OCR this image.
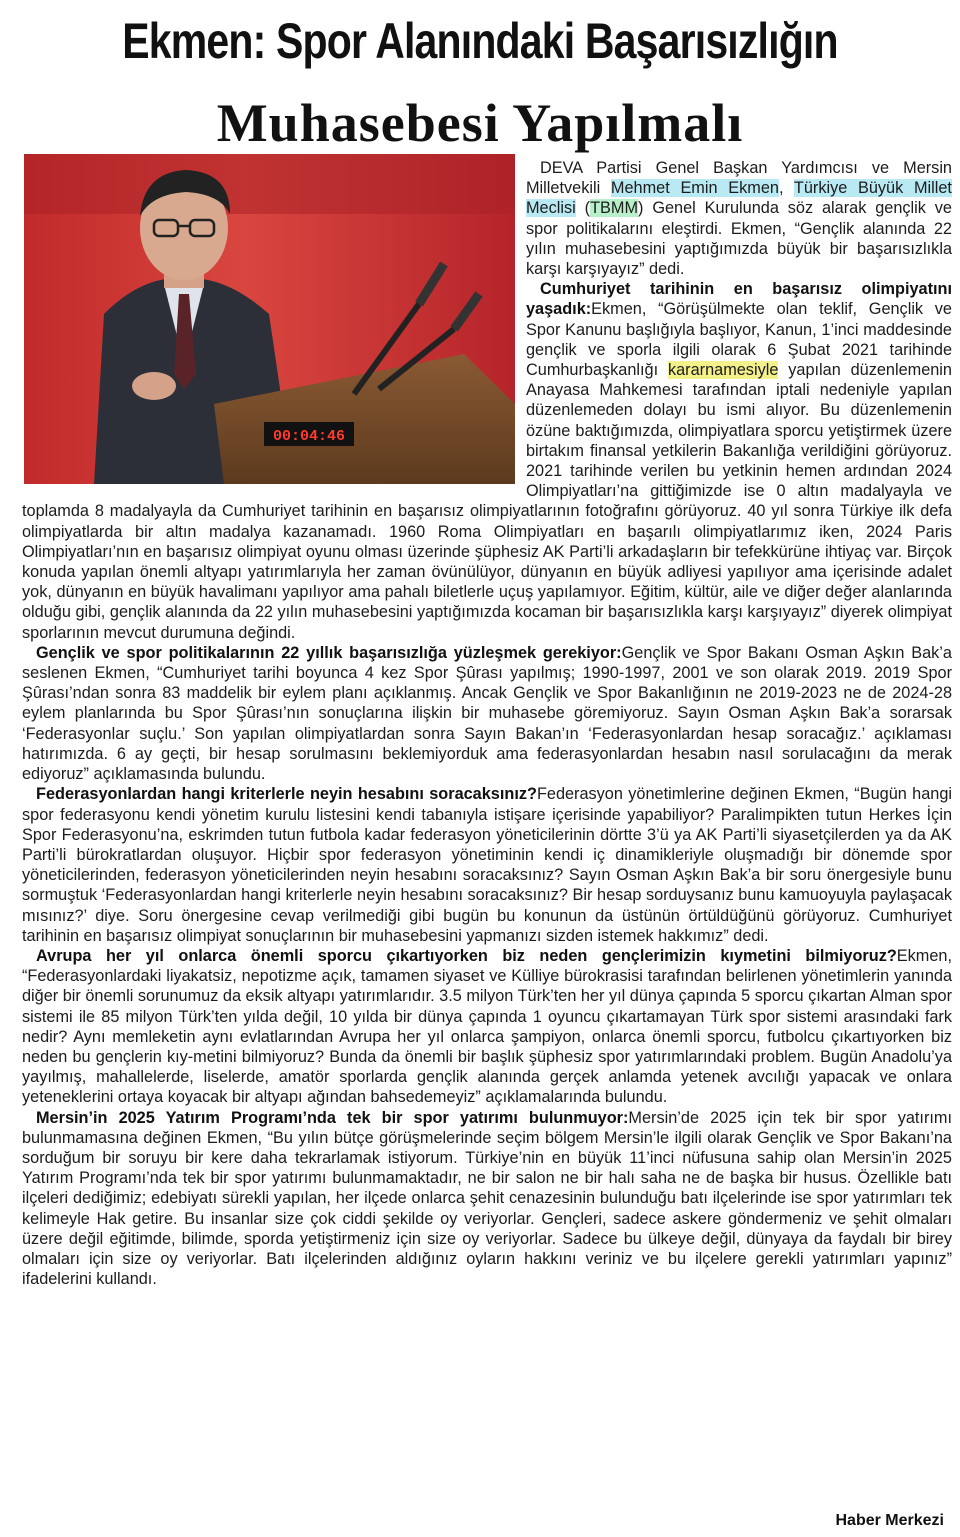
Ekmen: Spor Alanındaki Başarısızlığın
Muhasebesi Yapılmalı
00:04:46

DEVA Partisi Genel Başkan Yardımcısı ve Mersin Milletvekili Mehmet Emin Ekmen, Türkiye Büyük Millet Meclisi (TBMM) Genel Kurulunda söz alarak gençlik ve spor politikalarını eleştirdi. Ekmen, “Gençlik alanında 22 yılın muhasebesini yaptığımızda büyük bir başarısızlıkla karşı karşıyayız” dedi.

Cumhuriyet tarihinin en başarısız olimpiyatını yaşadık:Ekmen, “Görüşülmekte olan teklif, Gençlik ve Spor Kanunu başlığıyla başlıyor, Kanun, 1’inci maddesinde gençlik ve sporla ilgili olarak 6 Şubat 2021 tarihinde Cumhurbaşkanlığı kararnamesiyle yapılan düzenlemenin Anayasa Mahkemesi tarafından iptali nedeniyle yapılan düzenlemeden dolayı bu ismi alıyor. Bu düzenlemenin özüne baktığımızda, olimpiyatlara sporcu yetiştirmek üzere birtakım finansal yetkilerin Bakanlığa verildiğini görüyoruz. 2021 tarihinde verilen bu yetkinin hemen ardından 2024 Olimpiyatları’na gittiğimizde ise 0 altın madalyayla ve toplamda 8 madalyayla da Cumhuriyet tarihinin en başarısız olimpiyatlarının fotoğrafını görüyoruz. 40 yıl sonra Türkiye ilk defa olimpiyatlarda bir altın madalya kazanamadı. 1960 Roma Olimpiyatları en başarılı olimpiyatlarımız iken, 2024 Paris Olimpiyatları’nın en başarısız olimpiyat oyunu olması üzerinde şüphesiz AK Parti’li arkadaşların bir tefekkürüne ihtiyaç var. Birçok konuda yapılan önemli altyapı yatırımlarıyla her zaman övünülüyor, dünyanın en büyük adliyesi yapılıyor ama içerisinde adalet yok, dünyanın en büyük havalimanı yapılıyor ama pahalı biletlerle uçuş yapılamıyor. Eğitim, kültür, aile ve diğer değer alanlarında olduğu gibi, gençlik alanında da 22 yılın muhasebesini yaptığımızda kocaman bir başarısızlıkla karşı karşıyayız” diyerek olimpiyat sporlarının mevcut durumuna değindi.

Gençlik ve spor politikalarının 22 yıllık başarısızlığa yüzleşmek gerekiyor:Gençlik ve Spor Bakanı Osman Aşkın Bak’a seslenen Ekmen, “Cumhuriyet tarihi boyunca 4 kez Spor Şûrası yapılmış; 1990-1997, 2001 ve son olarak 2019. 2019 Spor Şûrası’ndan sonra 83 maddelik bir eylem planı açıklanmış. Ancak Gençlik ve Spor Bakanlığının ne 2019-2023 ne de 2024-28 eylem planlarında bu Spor Şûrası’nın sonuçlarına ilişkin bir muhasebe göremiyoruz. Sayın Osman Aşkın Bak’a sorarsak ‘Federasyonlar suçlu.’ Son yapılan olimpiyatlardan sonra Sayın Bakan’ın ‘Federasyonlardan hesap soracağız.’ açıklaması hatırımızda. 6 ay geçti, bir hesap sorulmasını beklemiyorduk ama federasyonlardan hesabın nasıl sorulacağını da merak ediyoruz” açıklamasında bulundu.

Federasyonlardan hangi kriterlerle neyin hesabını soracaksınız?Federasyon yönetimlerine değinen Ekmen, “Bugün hangi spor federasyonu kendi yönetim kurulu listesini kendi tabanıyla istişare içerisinde yapabiliyor? Paralimpikten tutun Herkes İçin Spor Federasyonu’na, eskrimden tutun futbola kadar federasyon yöneticilerinin dörtte 3’ü ya AK Parti’li siyasetçilerden ya da AK Parti’li bürokratlardan oluşuyor. Hiçbir spor federasyon yönetiminin kendi iç dinamikleriyle oluşmadığı bir dönemde spor yöneticilerinden, federasyon yöneticilerinden neyin hesabını soracaksınız? Sayın Osman Aşkın Bak’a bir soru önergesiyle bunu sormuştuk ‘Federasyonlardan hangi kriterlerle neyin hesabını soracaksınız? Bir hesap sorduysanız bunu kamuoyuyla paylaşacak mısınız?’ diye. Soru önergesine cevap verilmediği gibi bugün bu konunun da üstünün örtüldüğünü görüyoruz. Cumhuriyet tarihinin en başarısız olimpiyat sonuçlarının bir muhasebesini yapmanızı sizden istemek hakkımız” dedi.

Avrupa her yıl onlarca önemli sporcu çıkartıyorken biz neden gençlerimizin kıymetini bilmiyoruz?Ekmen, “Federasyonlardaki liyakatsiz, nepotizme açık, tamamen siyaset ve Külliye bürokrasisi tarafından belirlenen yönetimlerin yanında diğer bir önemli sorunumuz da eksik altyapı yatırımlarıdır. 3.5 milyon Türk’ten her yıl dünya çapında 5 sporcu çıkartan Alman spor sistemi ile 85 milyon Türk’ten yılda değil, 10 yılda bir dünya çapında 1 oyuncu çıkartamayan Türk spor sistemi arasındaki fark nedir? Aynı memleketin aynı evlatlarından Avrupa her yıl onlarca şampiyon, onlarca önemli sporcu, futbolcu çıkartıyorken biz neden bu gençlerin kıy-metini bilmiyoruz? Bunda da önemli bir başlık şüphesiz spor yatırımlarındaki problem. Bugün Anadolu’ya yayılmış, mahallelerde, liselerde, amatör sporlarda gençlik alanında gerçek anlamda yetenek avcılığı yapacak ve onlara yeteneklerini ortaya koyacak bir altyapı ağından bahsedemeyiz” açıklamalarında bulundu.

Mersin’in 2025 Yatırım Programı’nda tek bir spor yatırımı bulunmuyor:Mersin’de 2025 için tek bir spor yatırımı bulunmamasına değinen Ekmen, “Bu yılın bütçe görüşmelerinde seçim bölgem Mersin’le ilgili olarak Gençlik ve Spor Bakanı’na sorduğum bir soruyu bir kere daha tekrarlamak istiyorum. Türkiye’nin en büyük 11’inci nüfusuna sahip olan Mersin’in 2025 Yatırım Programı’nda tek bir spor yatırımı bulunmamaktadır, ne bir salon ne bir halı saha ne de başka bir husus. Özellikle batı ilçeleri dediğimiz; edebiyatı sürekli yapılan, her ilçede onlarca şehit cenazesinin bulunduğu batı ilçelerinde ise spor yatırımları tek kelimeyle Hak getire. Bu insanlar size çok ciddi şekilde oy veriyorlar. Gençleri, sadece askere göndermeniz ve şehit olmaları üzere değil eğitimde, bilimde, sporda yetiştirmeniz için size oy veriyorlar. Sadece bu ülkeye değil, dünyaya da faydalı bir birey olmaları için size oy veriyorlar. Batı ilçelerinden aldığınız oyların hakkını veriniz ve bu ilçelere gerekli yatırımları yapınız” ifadelerini kullandı.

Haber Merkezi
